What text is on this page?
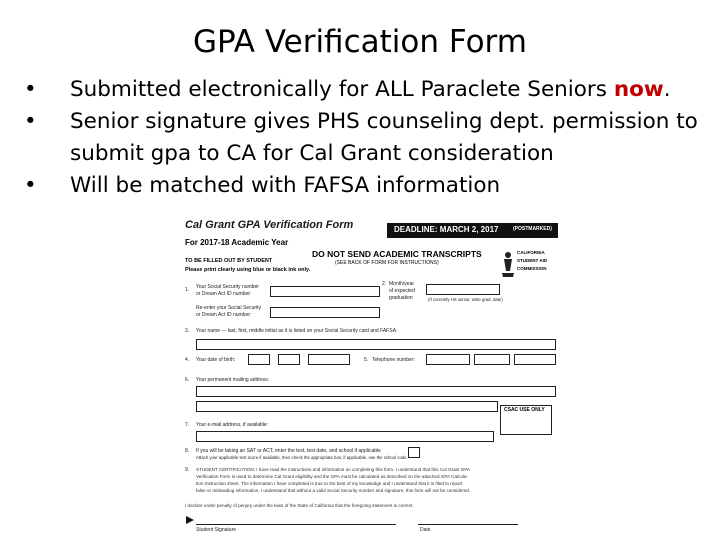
GPA Verification Form
• Submitted electronically for ALL Paraclete Seniors now.
• Senior signature gives PHS counseling dept. permission to submit gpa to CA for Cal Grant consideration
• Will be matched with FAFSA information
Cal Grant GPA Verification Form
For 2017-18 Academic Year
DEADLINE: MARCH 2, 2017	(POSTMARKED)
DO NOT SEND ACADEMIC TRANSCRIPTS
(SEE BACK OF FORM FOR INSTRUCTIONS)
TO BE FILLED OUT BY STUDENT
Please print clearly using blue or black ink only.
CALIFORNIA
STUDENT AID
COMMISSION
1. Your Social Security number
or Dream Act ID number:
Re-enter your Social Security
or Dream Act ID number:
2. Month/year
of expected
graduation	(If currently HS senior, write grad. date)
3. Your name — last, first, middle initial as it is listed on your Social Security card and FAFSA:
4. Your date of birth:	5. Telephone number:
6. Your permanent mailing address:
CSAC USE ONLY
7. Your e-mail address, if available:
8. If you will be taking an SAT or ACT, enter the test, test date, and school if applicable
Attach your applicable test score if available, then check the appropriate box; if applicable, use the school code.
9. STUDENT CERTIFICATION: I have read the instructions and information on completing this form. I understand that this Cal Grant GPA
Verification Form is used to determine Cal Grant eligibility and the GPA must be calculated as described on the attached GPA Calcula-
tion Instruction sheet. The information I have completed is true to the best of my knowledge and I understand that it is filed to report
false or misleading information. I understand that without a valid Social Security number and signature, this form will not be considered.
I declare under penalty of perjury under the laws of the State of California that the foregoing statement is correct.
Student Signature	Date
